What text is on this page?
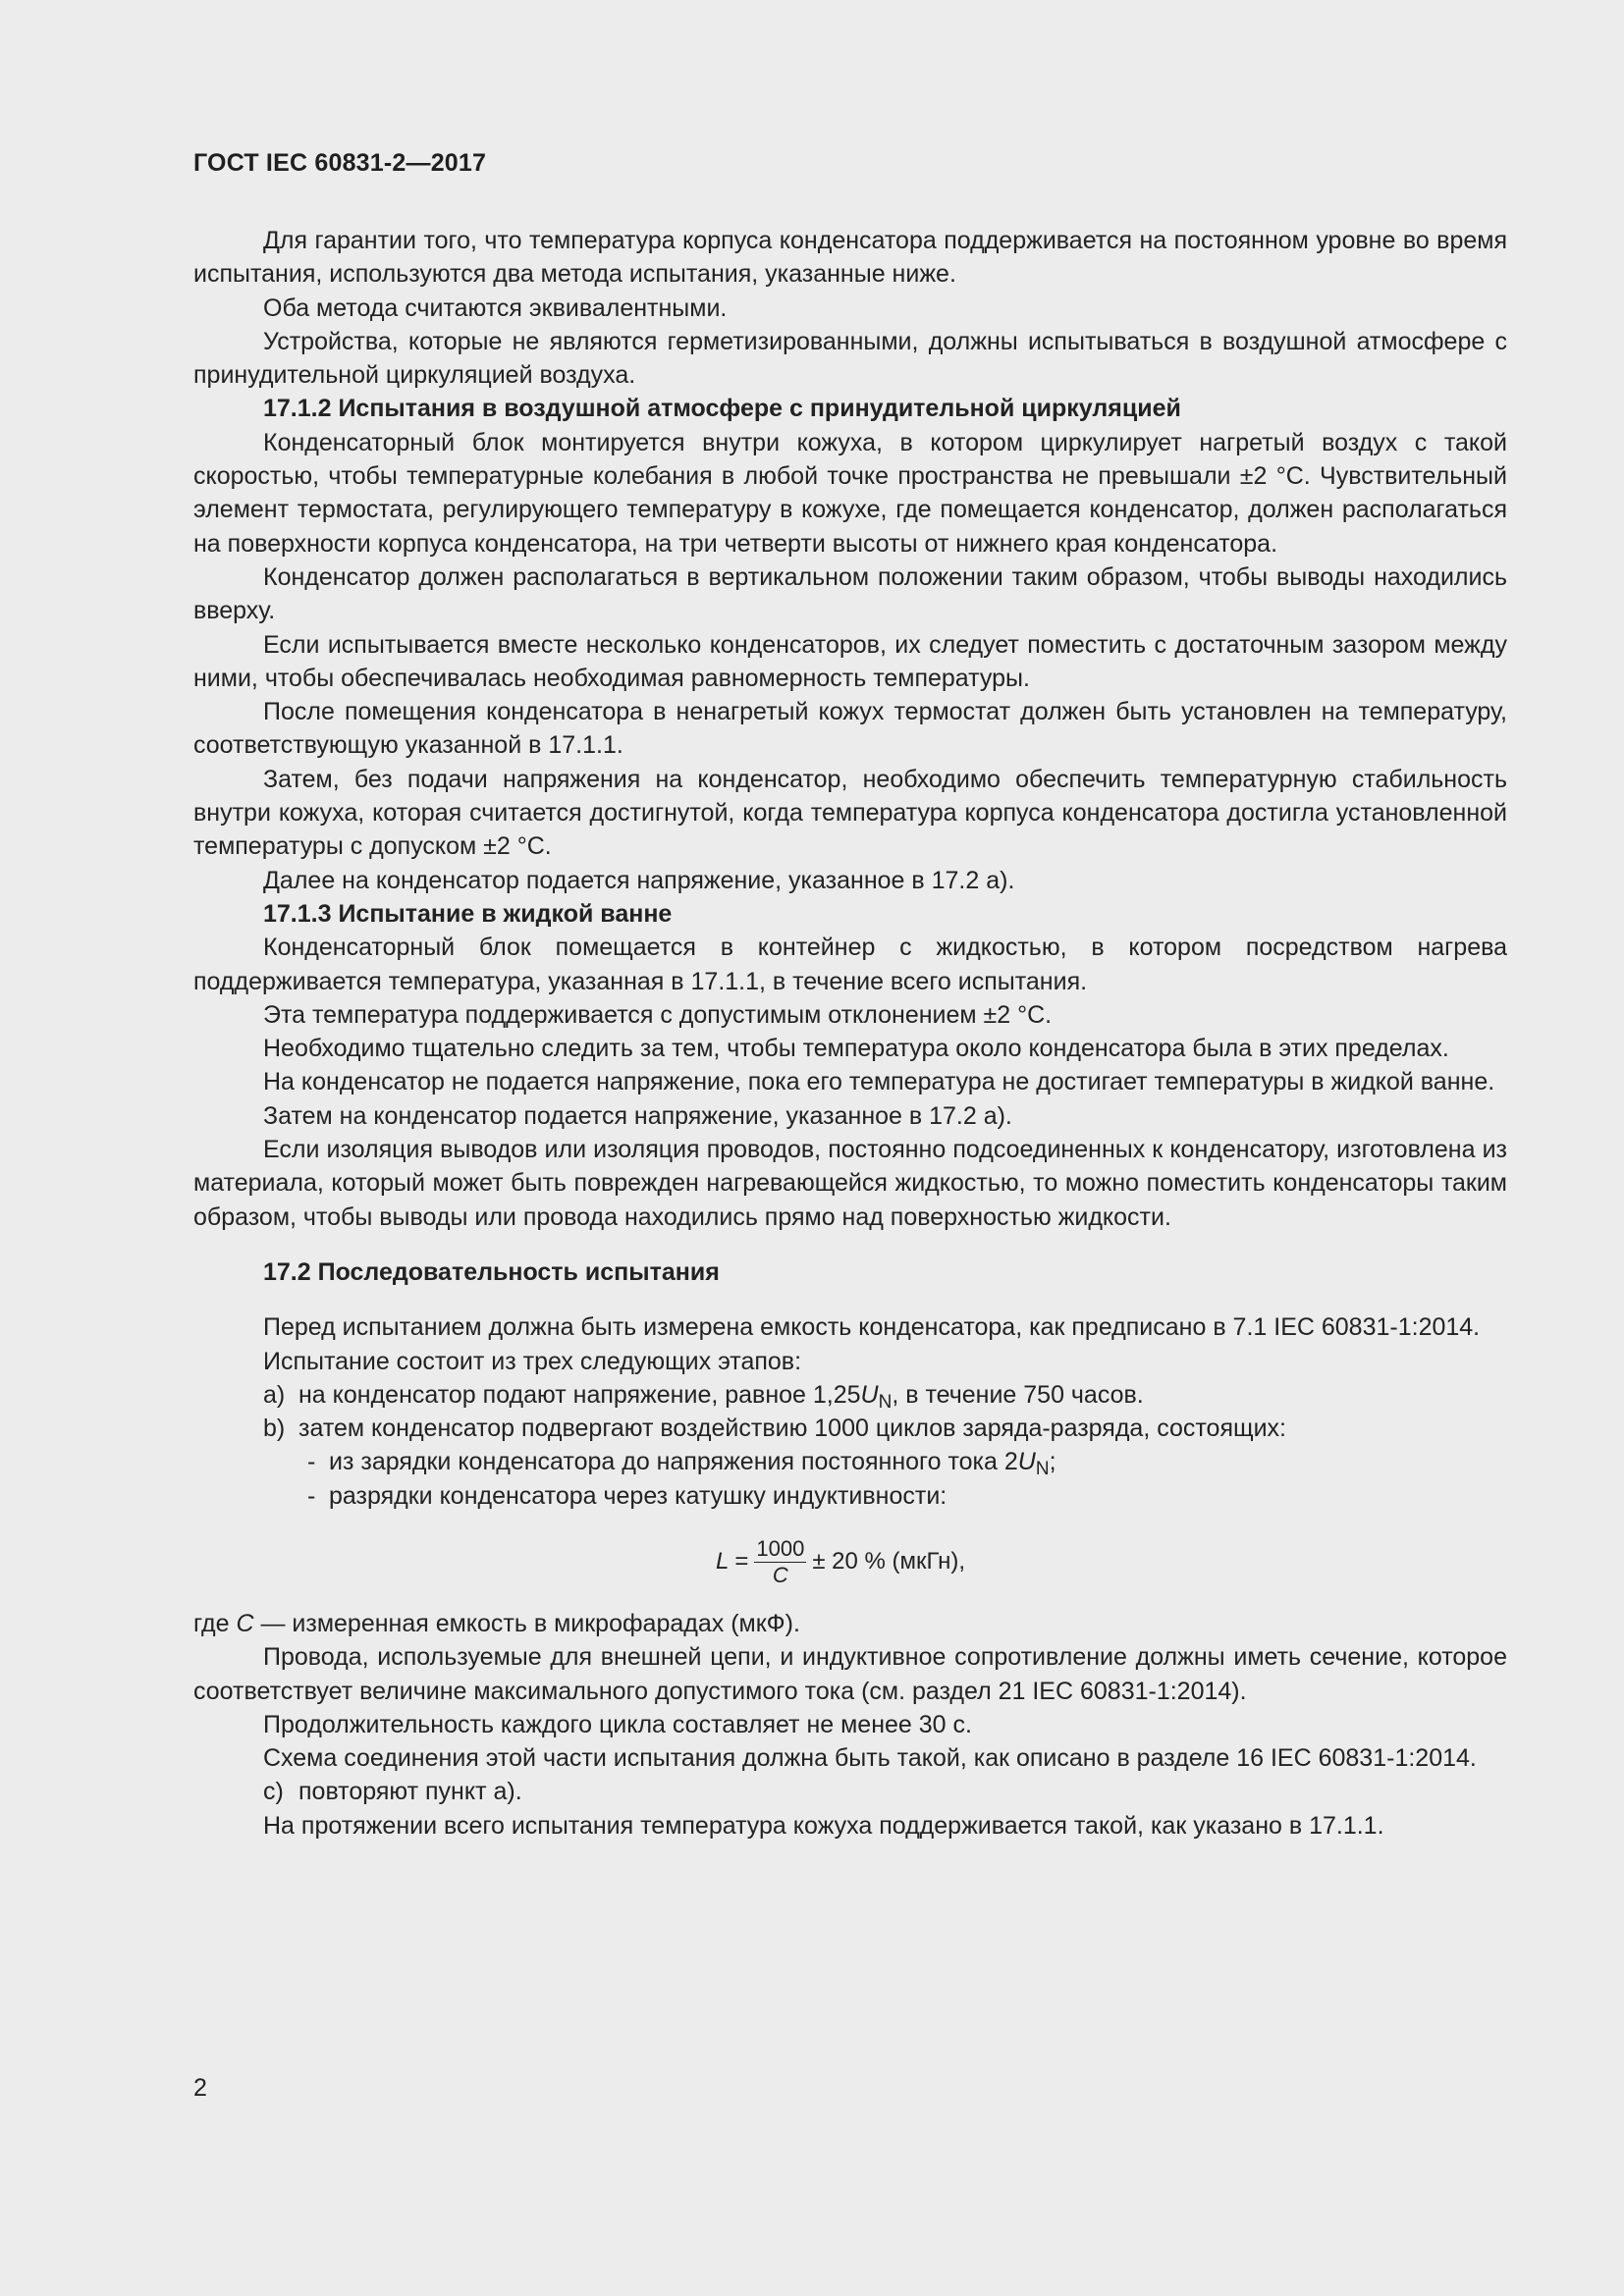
ГОСТ IEC 60831-2—2017

Для гарантии того, что температура корпуса конденсатора поддерживается на постоянном уровне во время испытания, используются два метода испытания, указанные ниже.

Оба метода считаются эквивалентными.

Устройства, которые не являются герметизированными, должны испытываться в воздушной атмосфере с принудительной циркуляцией воздуха.

17.1.2 Испытания в воздушной атмосфере с принудительной циркуляцией

Конденсаторный блок монтируется внутри кожуха, в котором циркулирует нагретый воздух с такой скоростью, чтобы температурные колебания в любой точке пространства не превышали ±2 °С. Чувствительный элемент термостата, регулирующего температуру в кожухе, где помещается конденсатор, должен располагаться на поверхности корпуса конденсатора, на три четверти высоты от нижнего края конденсатора.

Конденсатор должен располагаться в вертикальном положении таким образом, чтобы выводы находились вверху.

Если испытывается вместе несколько конденсаторов, их следует поместить с достаточным зазором между ними, чтобы обеспечивалась необходимая равномерность температуры.

После помещения конденсатора в ненагретый кожух термостат должен быть установлен на температуру, соответствующую указанной в 17.1.1.

Затем, без подачи напряжения на конденсатор, необходимо обеспечить температурную стабильность внутри кожуха, которая считается достигнутой, когда температура корпуса конденсатора достигла установленной температуры с допуском ±2 °С.

Далее на конденсатор подается напряжение, указанное в 17.2 а).

17.1.3 Испытание в жидкой ванне

Конденсаторный блок помещается в контейнер с жидкостью, в котором посредством нагрева поддерживается температура, указанная в 17.1.1, в течение всего испытания.

Эта температура поддерживается с допустимым отклонением ±2 °С.

Необходимо тщательно следить за тем, чтобы температура около конденсатора была в этих пределах.

На конденсатор не подается напряжение, пока его температура не достигает температуры в жидкой ванне.

Затем на конденсатор подается напряжение, указанное в 17.2 а).

Если изоляция выводов или изоляция проводов, постоянно подсоединенных к конденсатору, изготовлена из материала, который может быть поврежден нагревающейся жидкостью, то можно поместить конденсаторы таким образом, чтобы выводы или провода находились прямо над поверхностью жидкости.

17.2 Последовательность испытания

Перед испытанием должна быть измерена емкость конденсатора, как предписано в 7.1 IEC 60831-1:2014.

Испытание состоит из трех следующих этапов:

a) на конденсатор подают напряжение, равное $1,25U_N$, в течение 750 часов.

b) затем конденсатор подвергают воздействию 1000 циклов заряда-разряда, состоящих:

- из зарядки конденсатора до напряжения постоянного тока $2U_N$;

- разрядки конденсатора через катушку индуктивности:

$L = \frac{1000}{C} \pm 20$ % (мкГн),

где C — измеренная емкость в микрофарадах (мкФ).

Провода, используемые для внешней цепи, и индуктивное сопротивление должны иметь сечение, которое соответствует величине максимального допустимого тока (см. раздел 21 IEC 60831-1:2014).

Продолжительность каждого цикла составляет не менее 30 с.

Схема соединения этой части испытания должна быть такой, как описано в разделе 16 IEC 60831-1:2014.

с) повторяют пункт а).

На протяжении всего испытания температура кожуха поддерживается такой, как указано в 17.1.1.

2
